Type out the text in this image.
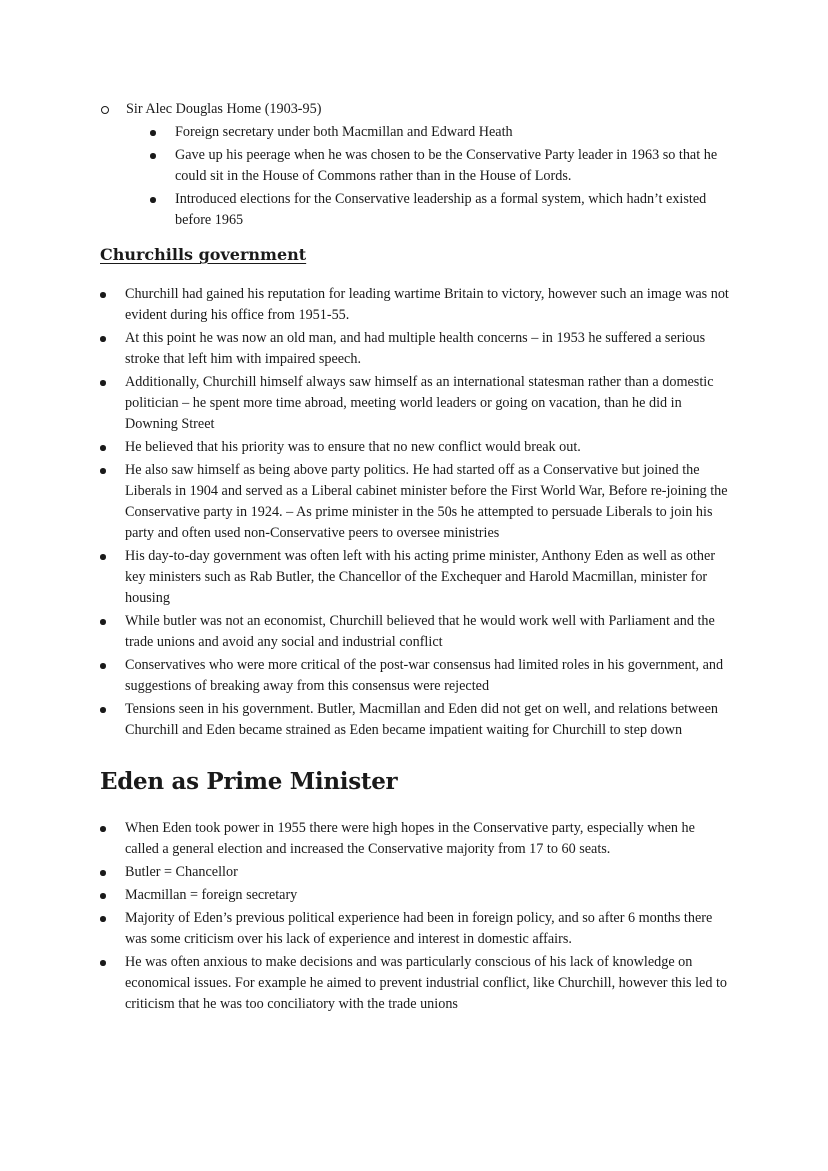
Sir Alec Douglas Home (1903-95)
Foreign secretary under both Macmillan and Edward Heath
Gave up his peerage when he was chosen to be the Conservative Party leader in 1963 so that he could sit in the House of Commons rather than in the House of Lords.
Introduced elections for the Conservative leadership as a formal system, which hadn’t existed before 1965
Churchills government
Churchill had gained his reputation for leading wartime Britain to victory, however such an image was not evident during his office from 1951-55.
At this point he was now an old man, and had multiple health concerns – in 1953 he suffered a serious stroke that left him with impaired speech.
Additionally, Churchill himself always saw himself as an international statesman rather than a domestic politician – he spent more time abroad, meeting world leaders or going on vacation, than he did in Downing Street
He believed that his priority was to ensure that no new conflict would break out.
He also saw himself as being above party politics. He had started off as a Conservative but joined the Liberals in 1904 and served as a Liberal cabinet minister before the First World War, Before re-joining the Conservative party in 1924. – As prime minister in the 50s he attempted to persuade Liberals to join his party and often used non-Conservative peers to oversee ministries
His day-to-day government was often left with his acting prime minister, Anthony Eden as well as other key ministers such as Rab Butler, the Chancellor of the Exchequer and Harold Macmillan, minister for housing
While butler was not an economist, Churchill believed that he would work well with Parliament and the trade unions and avoid any social and industrial conflict
Conservatives who were more critical of the post-war consensus had limited roles in his government, and suggestions of breaking away from this consensus were rejected
Tensions seen in his government. Butler, Macmillan and Eden did not get on well, and relations between Churchill and Eden became strained as Eden became impatient waiting for Churchill to step down
Eden as Prime Minister
When Eden took power in 1955 there were high hopes in the Conservative party, especially when he called a general election and increased the Conservative majority from 17 to 60 seats.
Butler = Chancellor
Macmillan = foreign secretary
Majority of Eden’s previous political experience had been in foreign policy, and so after 6 months there was some criticism over his lack of experience and interest in domestic affairs.
He was often anxious to make decisions and was particularly conscious of his lack of knowledge on economical issues. For example he aimed to prevent industrial conflict, like Churchill, however this led to criticism that he was too conciliatory with the trade unions
